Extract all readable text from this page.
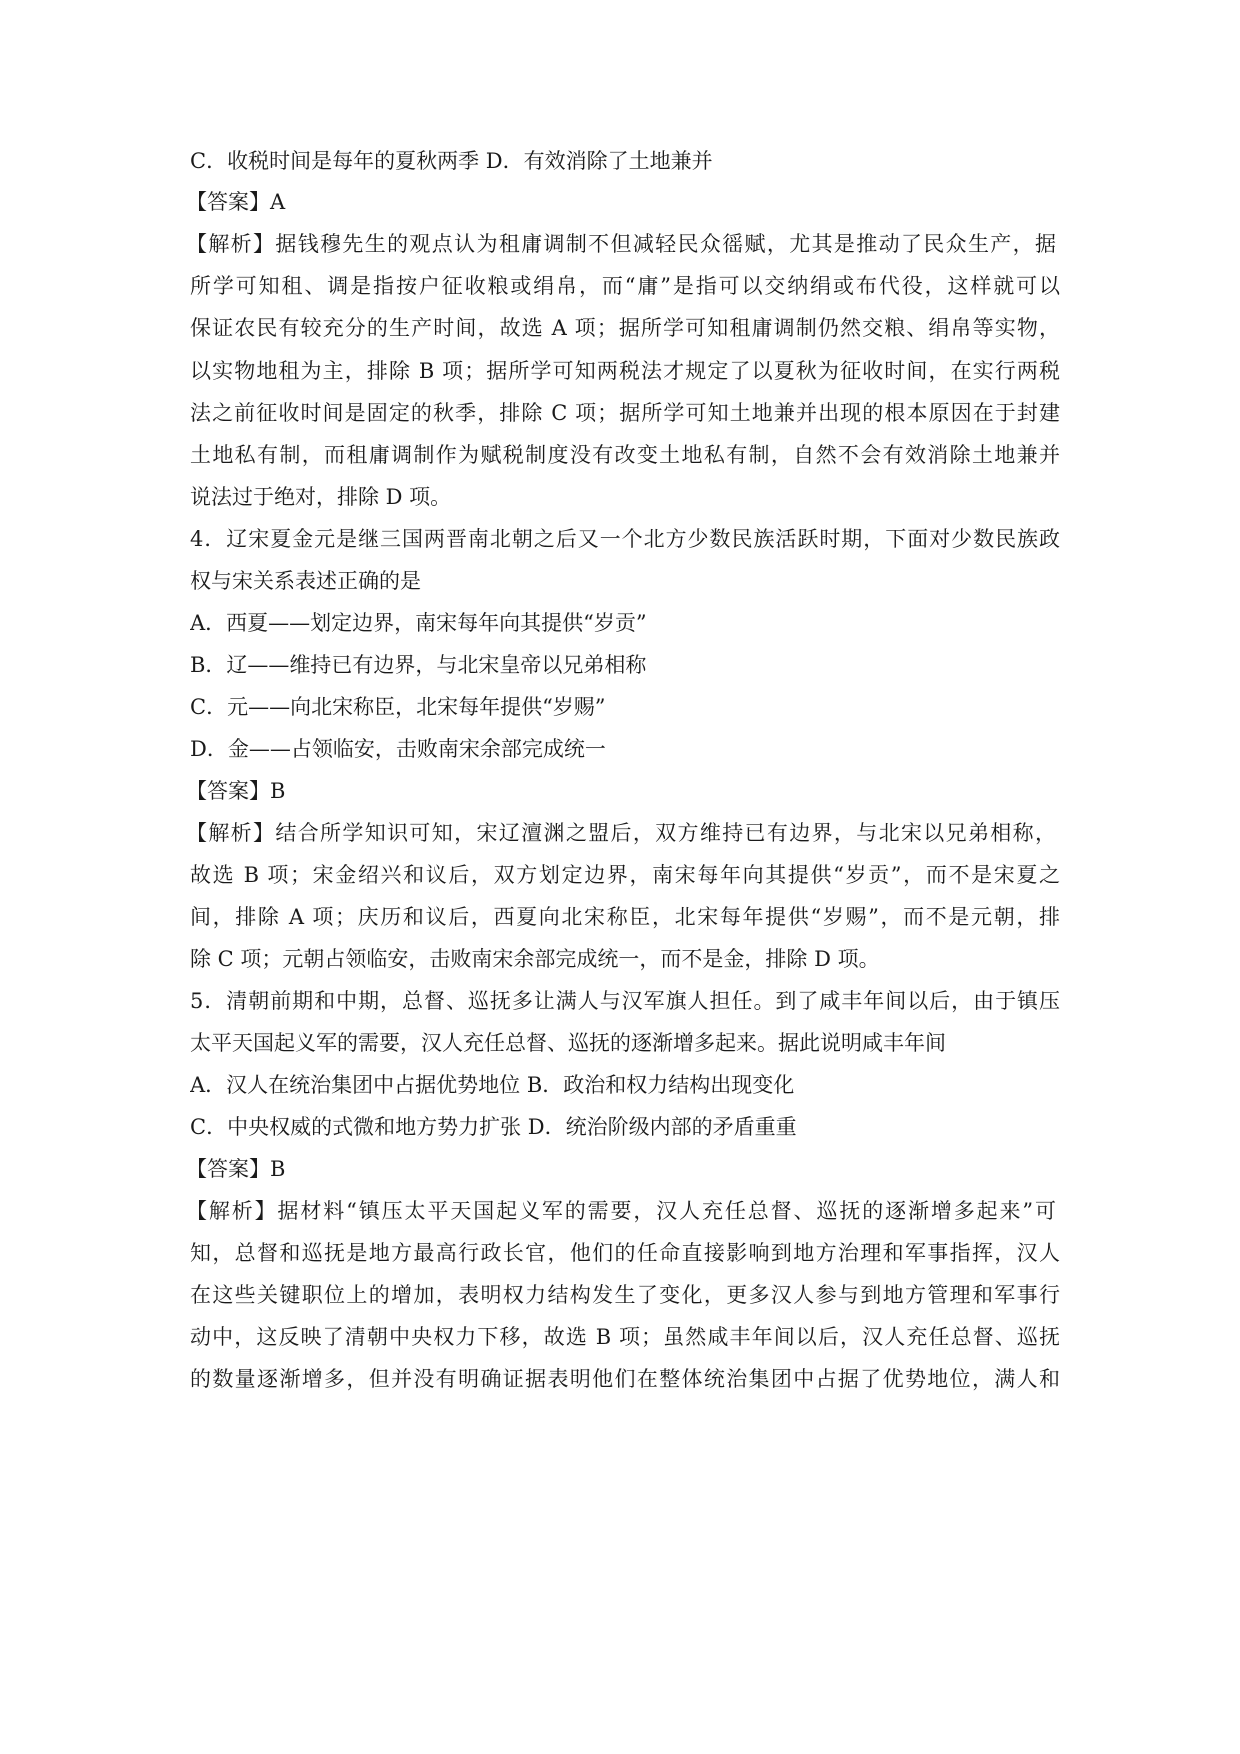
C．收税时间是每年的夏秋两季 D．有效消除了土地兼并
【答案】A
【解析】据钱穆先生的观点认为租庸调制不但减轻民众徭赋，尤其是推动了民众生产，据
所学可知租、调是指按户征收粮或绢帛，而“庸”是指可以交纳绢或布代役，这样就可以
保证农民有较充分的生产时间，故选 A 项；据所学可知租庸调制仍然交粮、绢帛等实物，
以实物地租为主，排除 B 项；据所学可知两税法才规定了以夏秋为征收时间，在实行两税
法之前征收时间是固定的秋季，排除 C 项；据所学可知土地兼并出现的根本原因在于封建
土地私有制，而租庸调制作为赋税制度没有改变土地私有制，自然不会有效消除土地兼并
说法过于绝对，排除 D 项。
4．辽宋夏金元是继三国两晋南北朝之后又一个北方少数民族活跃时期，下面对少数民族政
权与宋关系表述正确的是
A．西夏——划定边界，南宋每年向其提供“岁贡”
B．辽——维持已有边界，与北宋皇帝以兄弟相称
C．元——向北宋称臣，北宋每年提供“岁赐”
D．金——占领临安，击败南宋余部完成统一
【答案】B
【解析】结合所学知识可知，宋辽澶渊之盟后，双方维持已有边界，与北宋以兄弟相称，
故选 B 项；宋金绍兴和议后，双方划定边界，南宋每年向其提供“岁贡”，而不是宋夏之
间，排除 A 项；庆历和议后，西夏向北宋称臣，北宋每年提供“岁赐”，而不是元朝，排
除 C 项；元朝占领临安，击败南宋余部完成统一，而不是金，排除 D 项。
5．清朝前期和中期，总督、巡抚多让满人与汉军旗人担任。到了咸丰年间以后，由于镇压
太平天国起义军的需要，汉人充任总督、巡抚的逐渐增多起来。据此说明咸丰年间
A．汉人在统治集团中占据优势地位 B．政治和权力结构出现变化
C．中央权威的式微和地方势力扩张 D．统治阶级内部的矛盾重重
【答案】B
【解析】据材料“镇压太平天国起义军的需要，汉人充任总督、巡抚的逐渐增多起来”可
知，总督和巡抚是地方最高行政长官，他们的任命直接影响到地方治理和军事指挥，汉人
在这些关键职位上的增加，表明权力结构发生了变化，更多汉人参与到地方管理和军事行
动中，这反映了清朝中央权力下移，故选 B 项；虽然咸丰年间以后，汉人充任总督、巡抚
的数量逐渐增多，但并没有明确证据表明他们在整体统治集团中占据了优势地位，满人和
